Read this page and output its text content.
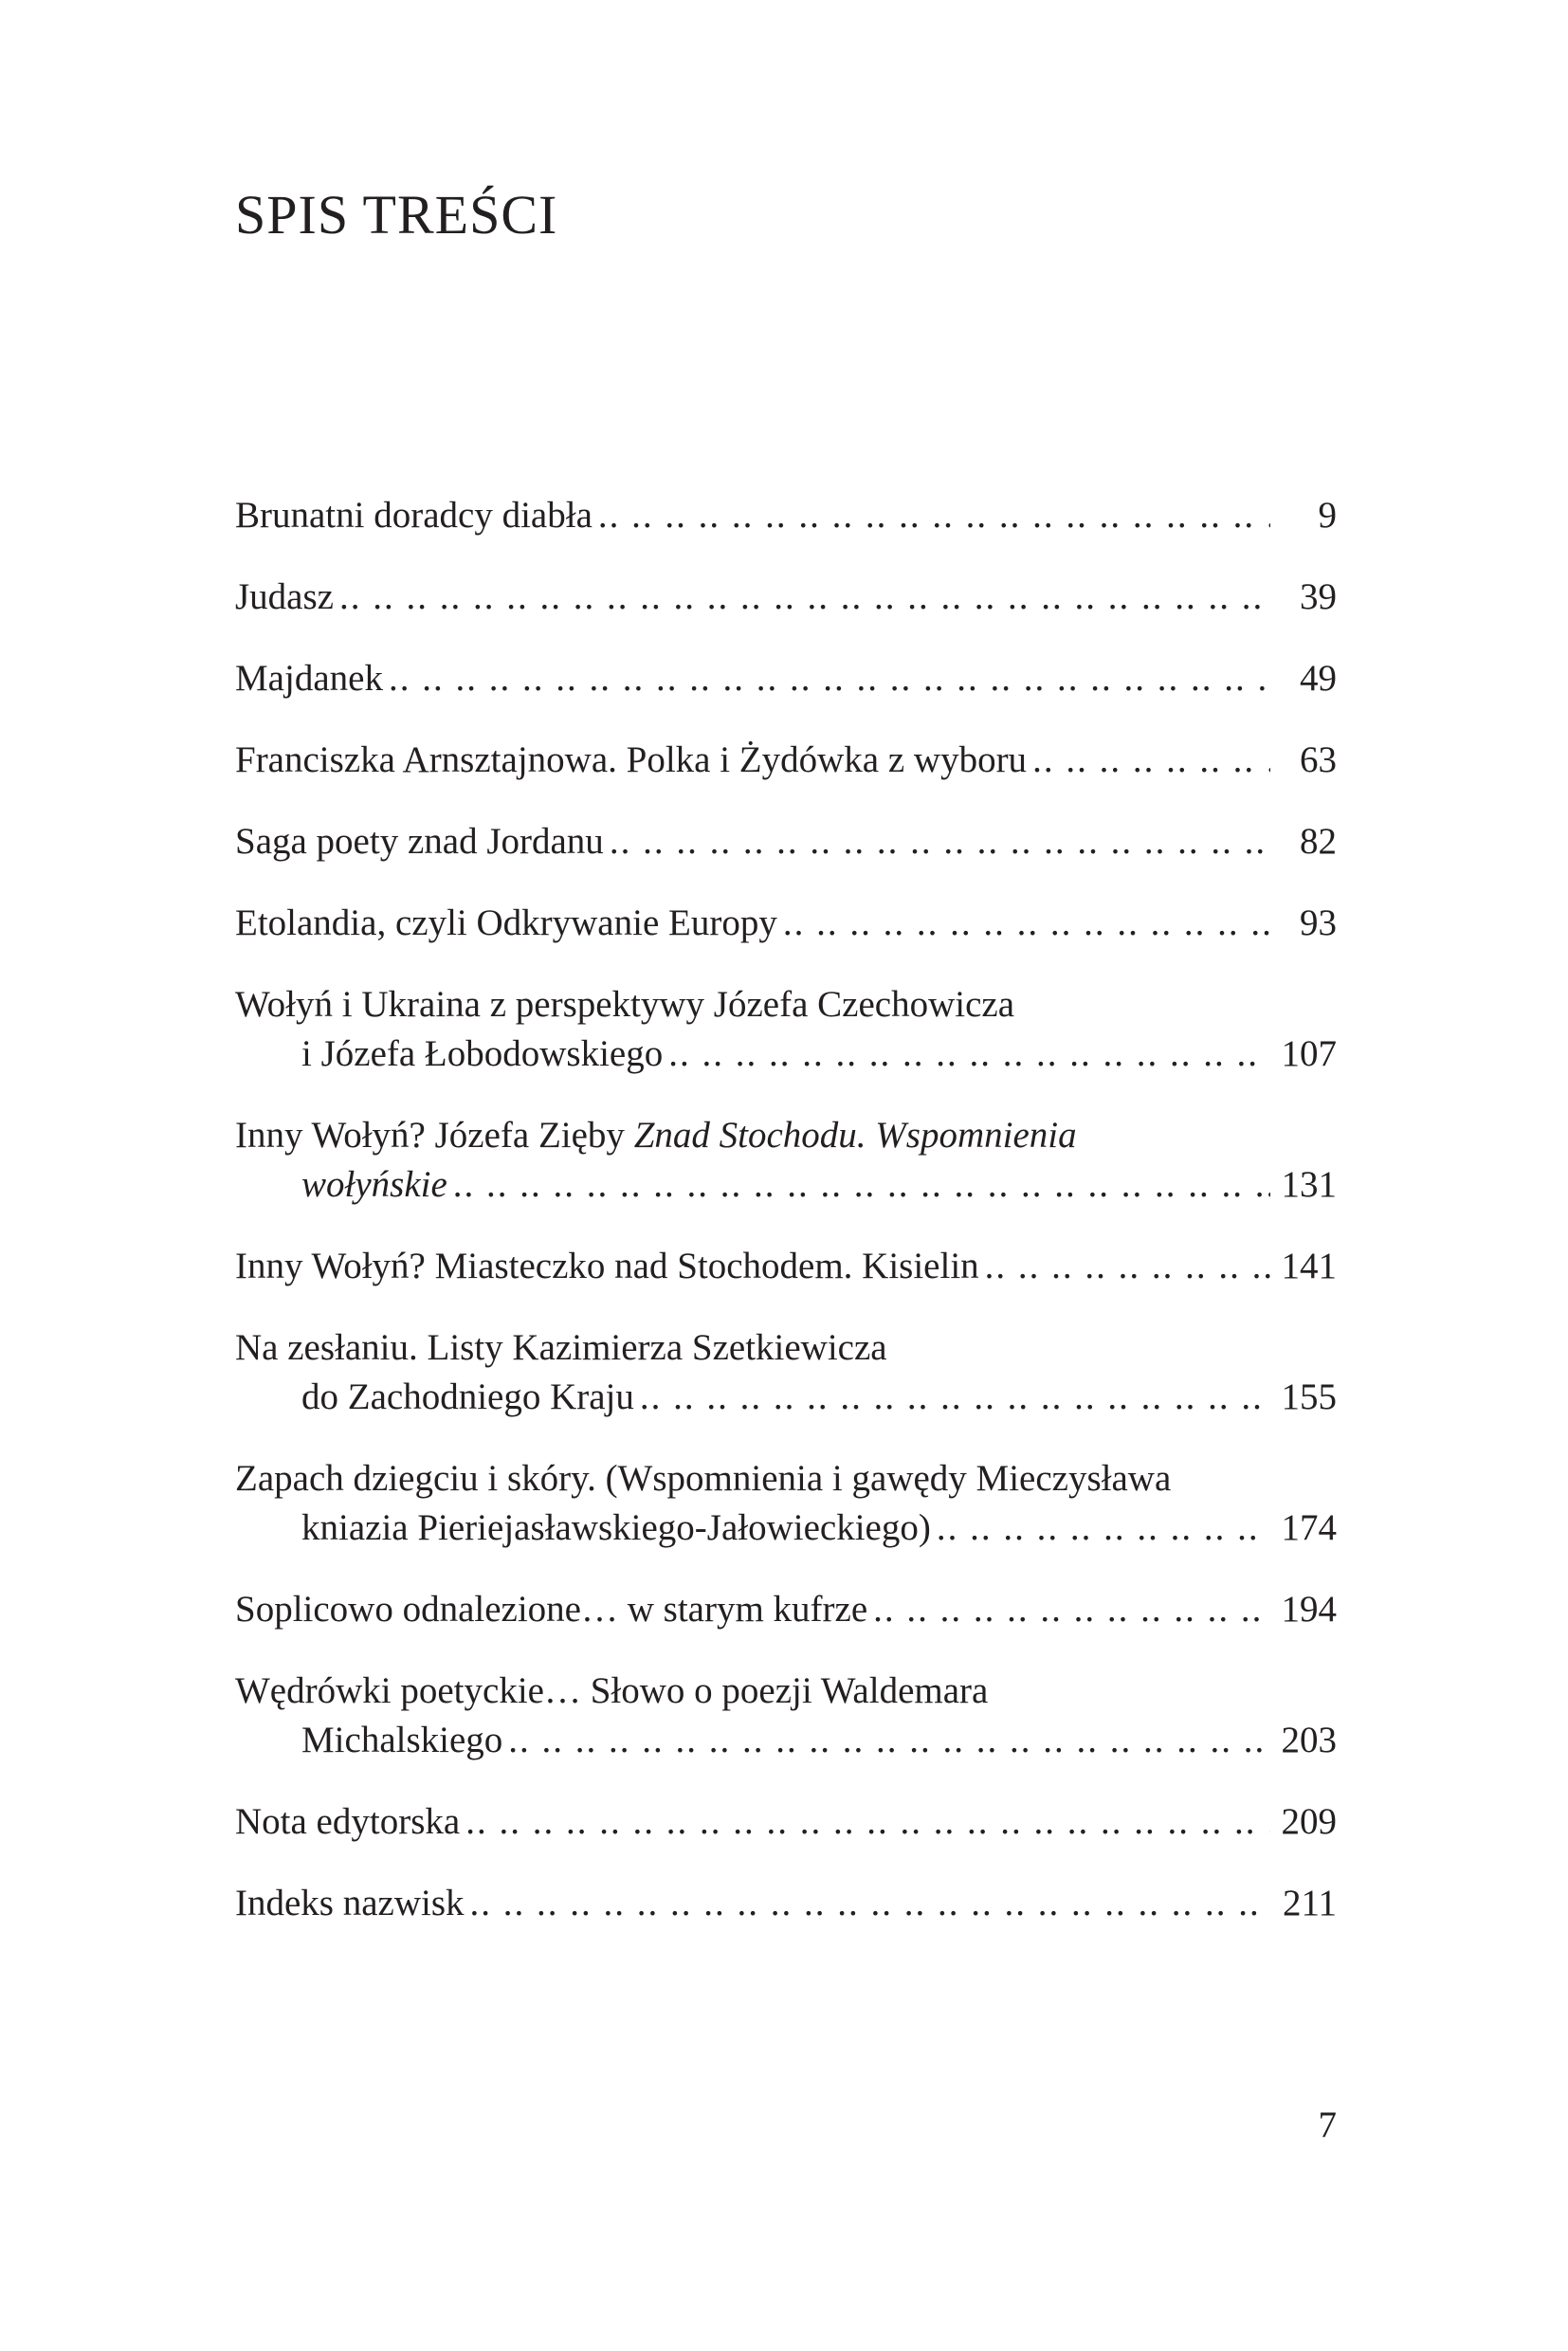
SPIS TREŚCI
Brunatni doradcy diabła .. ..	9
Judasz .. ..	39
Majdanek .. ..	49
Franciszka Arnsztajnowa. Polka i Żydówka z wyboru .. ..	63
Saga poety znad Jordanu .. ..	82
Etolandia, czyli Odkrywanie Europy .. ..	93
Wołyń i Ukraina z perspektywy Józefa Czechowicza
i Józefa Łobodowskiego .. ..	107
Inny Wołyń? Józefa Zięby Znad Stochodu. Wspomnienia
wołyńskie .. ..	131
Inny Wołyń? Miasteczko nad Stochodem. Kisielin .. ..	141
Na zesłaniu. Listy Kazimierza Szetkiewicza
do Zachodniego Kraju .. ..	155
Zapach dziegciu i skóry. (Wspomnienia i gawędy Mieczysława
kniazia Pieriejasławskiego-Jałowieckiego) .. ..	174
Soplicowo odnalezione… w starym kufrze .. ..	194
Wędrówki poetyckie… Słowo o poezji Waldemara
Michalskiego .. ..	203
Nota edytorska .. ..	209
Indeks nazwisk .. ..	211
7
